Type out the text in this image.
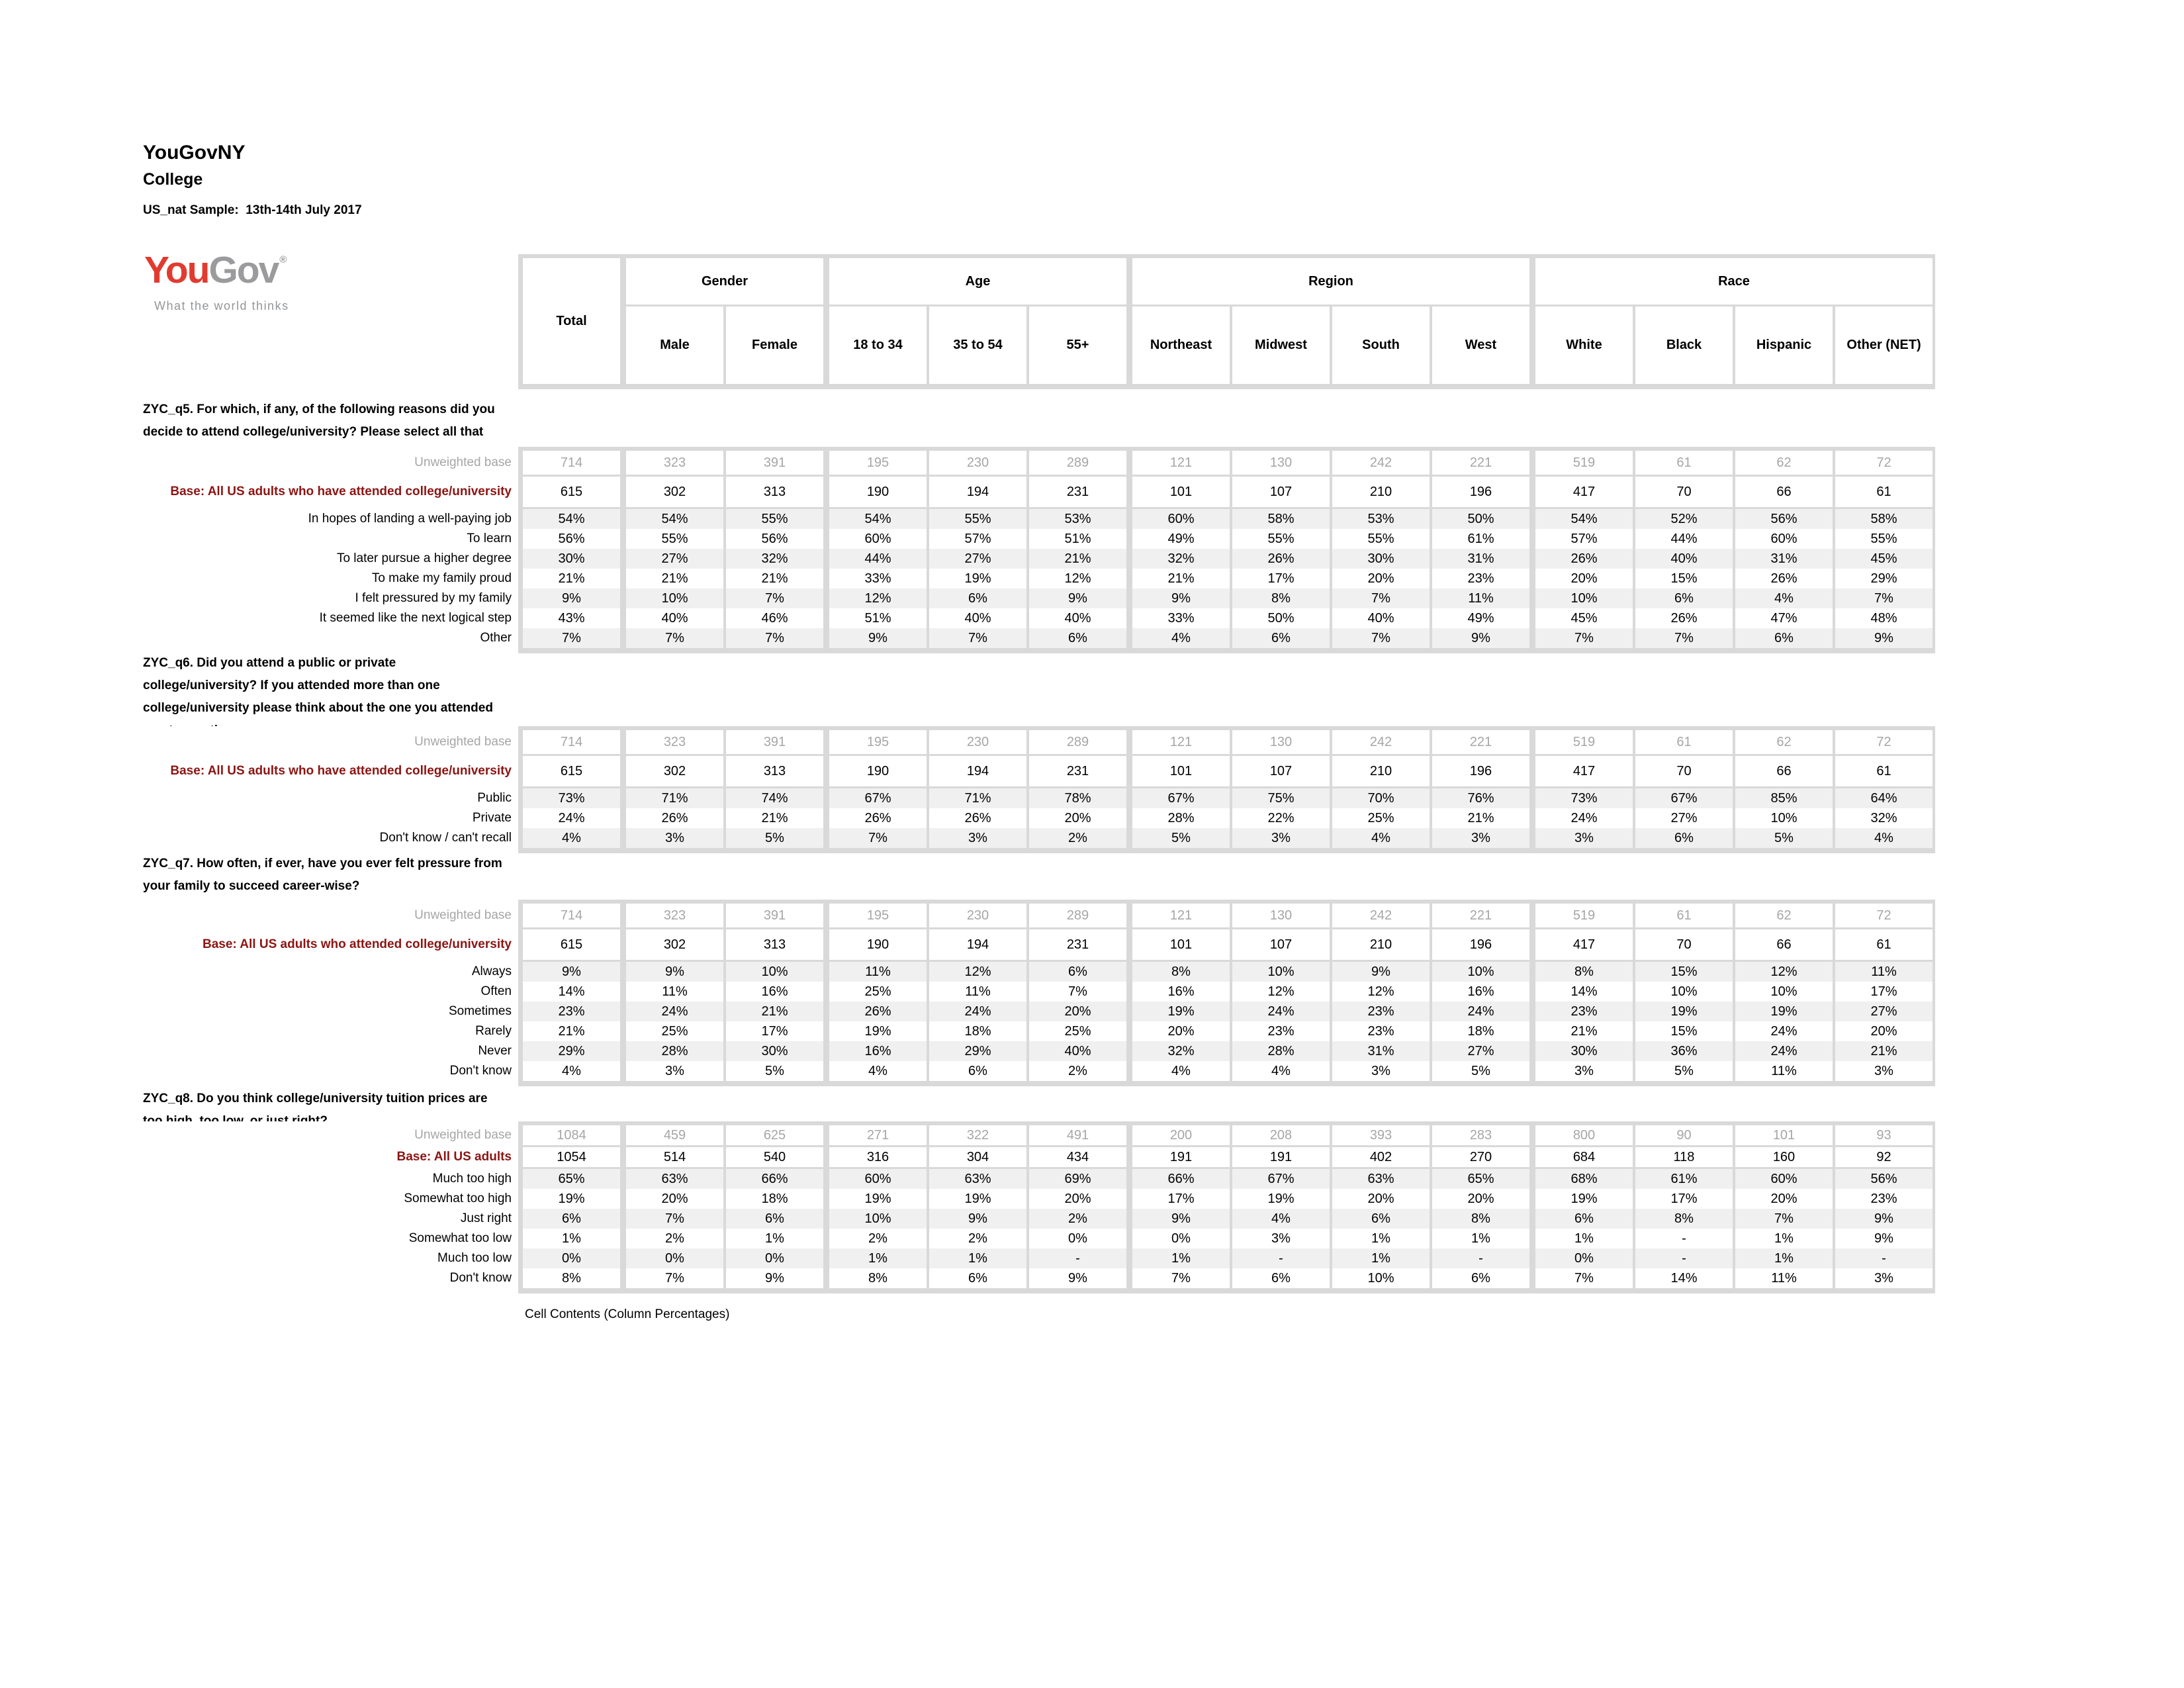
YouGovNY
College
US_nat Sample:  13th-14th July 2017
YouGov ®
What the world thinks
Total
Gender
Male	Female
Age
18 to 34	35 to 54	55+
Region
Northeast	Midwest	South	West
Race
White	Black	Hispanic	Other (NET)
ZYC_q5. For which, if any, of the following reasons did you
decide to attend college/university? Please select all that
ZYC_q6. Did you attend a public or private
college/university? If you attended more than one
college/university please think about the one you attended
ZYC_q7. How often, if ever, have you ever felt pressure from
your family to succeed career-wise?
ZYC_q8. Do you think college/university tuition prices are
Unweighted base	714	323	391	195	230	289	121	130	242	221	519	61	62	72
Base: All US adults who have attended college/university	615	302	313	190	194	231	101	107	210	196	417	70	66	61
In hopes of landing a well-paying job	54%	54%	55%	54%	55%	53%	60%	58%	53%	50%	54%	52%	56%	58%
To learn	56%	55%	56%	60%	57%	51%	49%	55%	55%	61%	57%	44%	60%	55%
To later pursue a higher degree	30%	27%	32%	44%	27%	21%	32%	26%	30%	31%	26%	40%	31%	45%
To make my family proud	21%	21%	21%	33%	19%	12%	21%	17%	20%	23%	20%	15%	26%	29%
I felt pressured by my family	9%	10%	7%	12%	6%	9%	9%	8%	7%	11%	10%	6%	4%	7%
It seemed like the next logical step	43%	40%	46%	51%	40%	40%	33%	50%	40%	49%	45%	26%	47%	48%
Other	7%	7%	7%	9%	7%	6%	4%	6%	7%	9%	7%	7%	6%	9%
Unweighted base	714	323	391	195	230	289	121	130	242	221	519	61	62	72
Base: All US adults who have attended college/university	615	302	313	190	194	231	101	107	210	196	417	70	66	61
Public	73%	71%	74%	67%	71%	78%	67%	75%	70%	76%	73%	67%	85%	64%
Private	24%	26%	21%	26%	26%	20%	28%	22%	25%	21%	24%	27%	10%	32%
Don't know / can't recall	4%	3%	5%	7%	3%	2%	5%	3%	4%	3%	3%	6%	5%	4%
Unweighted base	714	323	391	195	230	289	121	130	242	221	519	61	62	72
Base: All US adults who attended college/university	615	302	313	190	194	231	101	107	210	196	417	70	66	61
Always	9%	9%	10%	11%	12%	6%	8%	10%	9%	10%	8%	15%	12%	11%
Often	14%	11%	16%	25%	11%	7%	16%	12%	12%	16%	14%	10%	10%	17%
Sometimes	23%	24%	21%	26%	24%	20%	19%	24%	23%	24%	23%	19%	19%	27%
Rarely	21%	25%	17%	19%	18%	25%	20%	23%	23%	18%	21%	15%	24%	20%
Never	29%	28%	30%	16%	29%	40%	32%	28%	31%	27%	30%	36%	24%	21%
Don't know	4%	3%	5%	4%	6%	2%	4%	4%	3%	5%	3%	5%	11%	3%
Unweighted base	1084	459	625	271	322	491	200	208	393	283	800	90	101	93
Base: All US adults	1054	514	540	316	304	434	191	191	402	270	684	118	160	92
Much too high	65%	63%	66%	60%	63%	69%	66%	67%	63%	65%	68%	61%	60%	56%
Somewhat too high	19%	20%	18%	19%	19%	20%	17%	19%	20%	20%	19%	17%	20%	23%
Just right	6%	7%	6%	10%	9%	2%	9%	4%	6%	8%	6%	8%	7%	9%
Somewhat too low	1%	2%	1%	2%	2%	0%	0%	3%	1%	1%	1%	-	1%	9%
Much too low	0%	0%	0%	1%	1%	-	1%	-	1%	-	0%	-	1%	-
Don't know	8%	7%	9%	8%	6%	9%	7%	6%	10%	6%	7%	14%	11%	3%
Cell Contents (Column Percentages)
